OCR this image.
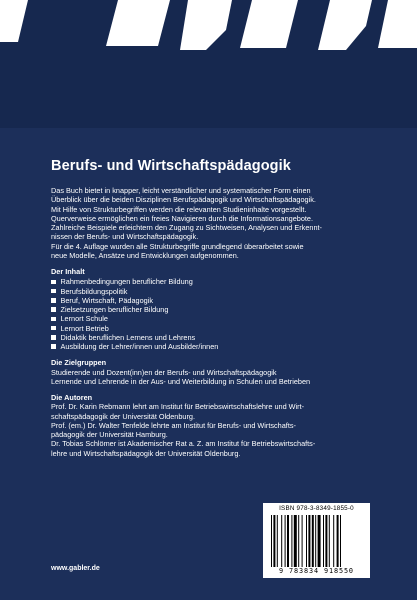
Berufs- und Wirtschaftspädagogik

Das Buch bietet in knapper, leicht verständlicher und systematischer Form einen

Überblick über die beiden Disziplinen Berufspädagogik und Wirtschaftspädagogik.

Mit Hilfe von Strukturbegriffen werden die relevanten Studieninhalte vorgestellt.

Querverweise ermöglichen ein freies Navigieren durch die Informationsangebote.

Zahlreiche Beispiele erleichtern den Zugang zu Sichtweisen, Analysen und Erkennt-

nissen der Berufs- und Wirtschaftspädagogik.

Für die 4. Auflage wurden alle Strukturbegriffe grundlegend überarbeitet sowie

neue Modelle, Ansätze und Entwicklungen aufgenommen.

Der Inhalt
Rahmenbedingungen beruflicher Bildung
Berufsbildungspolitik
Beruf, Wirtschaft, Pädagogik
Zielsetzungen beruflicher Bildung
Lernort Schule
Lernort Betrieb
Didaktik beruflichen Lernens und Lehrens
Ausbildung der Lehrer/innen und Ausbilder/innen
Die Zielgruppen

Studierende und Dozent(inn)en der Berufs- und Wirtschaftspädagogik

Lernende und Lehrende in der Aus- und Weiterbildung in Schulen und Betrieben

Die Autoren

Prof. Dr. Karin Rebmann lehrt am Institut für Betriebswirtschaftslehre und Wirt-

schaftspädagogik der Universität Oldenburg.

Prof. (em.) Dr. Walter Tenfelde lehrte am Institut für Berufs- und Wirtschafts-

pädagogik der Universität Hamburg.

Dr. Tobias Schlömer ist Akademischer Rat a. Z. am Institut für Betriebswirtschafts-

lehre und Wirtschaftspädagogik der Universität Oldenburg.

ISBN 978-3-8349-1855-0
9 783834 918550
www.gabler.de
